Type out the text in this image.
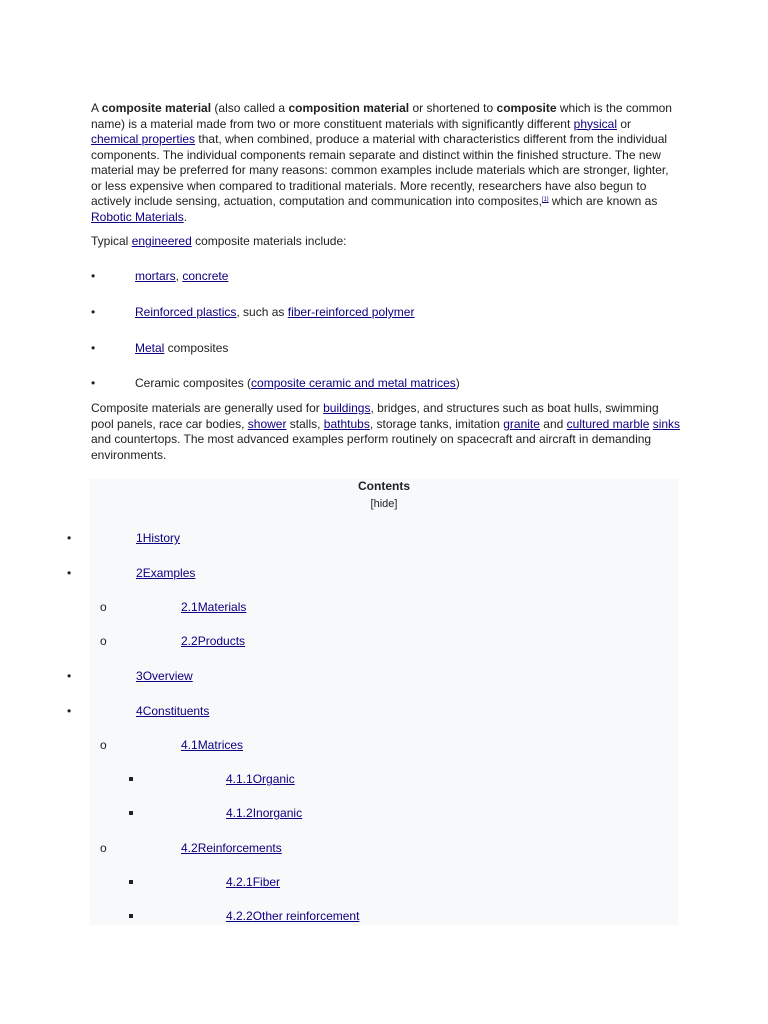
A composite material (also called a composition material or shortened to composite which is the common name) is a material made from two or more constituent materials with significantly different physical or chemical properties that, when combined, produce a material with characteristics different from the individual components. The individual components remain separate and distinct within the finished structure. The new material may be preferred for many reasons: common examples include materials which are stronger, lighter, or less expensive when compared to traditional materials. More recently, researchers have also begun to actively include sensing, actuation, computation and communication into composites,[1] which are known as Robotic Materials.

Typical engineered composite materials include:

•	mortars, concrete
•	Reinforced plastics, such as fiber-reinforced polymer
•	Metal composites
•	Ceramic composites (composite ceramic and metal matrices)

Composite materials are generally used for buildings, bridges, and structures such as boat hulls, swimming pool panels, race car bodies, shower stalls, bathtubs, storage tanks, imitation granite and cultured marble sinks and countertops. The most advanced examples perform routinely on spacecraft and aircraft in demanding environments.

Contents
[hide]
•	1History
•	2Examples
o	2.1Materials
o	2.2Products
•	3Overview
•	4Constituents
o	4.1Matrices
4.1.1Organic
4.1.2Inorganic
o	4.2Reinforcements
4.2.1Fiber
4.2.2Other reinforcement
